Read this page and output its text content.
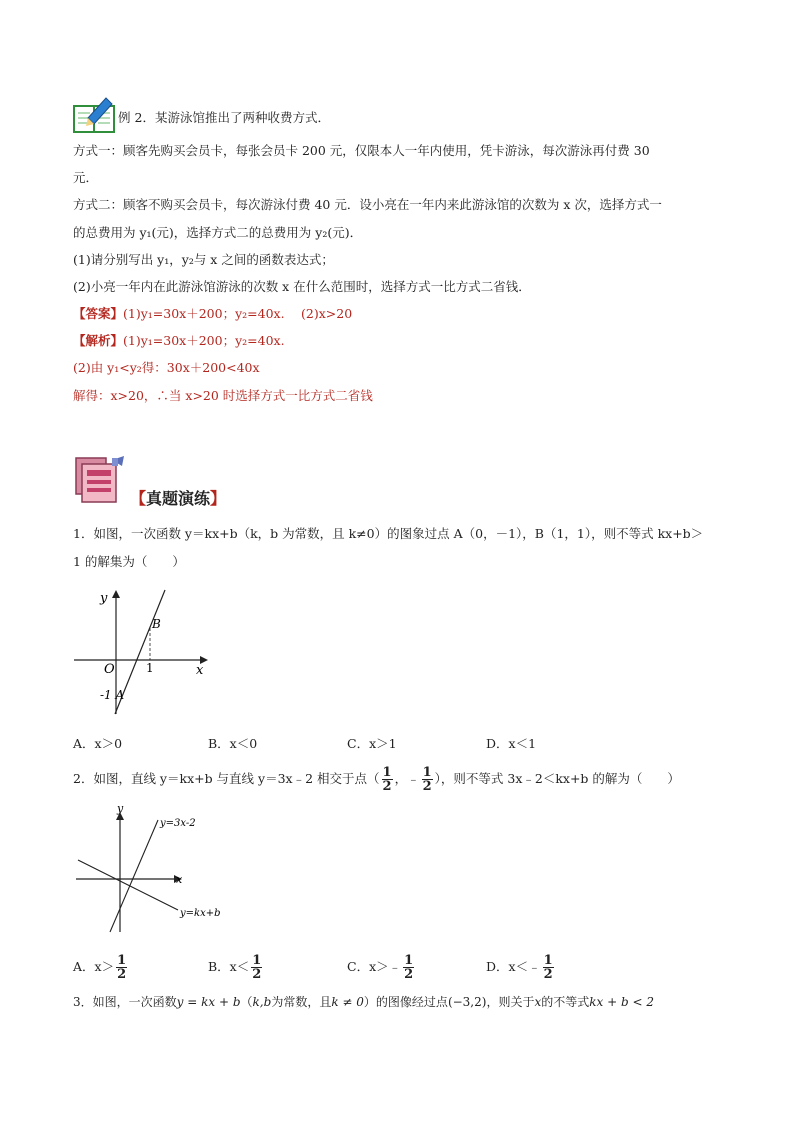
例 2．某游泳馆推出了两种收费方式．
方式一：顾客先购买会员卡，每张会员卡 200 元，仅限本人一年内使用，凭卡游泳，每次游泳再付费 30
元．
方式二：顾客不购买会员卡，每次游泳付费 40 元．设小亮在一年内来此游泳馆的次数为 x 次，选择方式一
的总费用为 y₁(元)，选择方式二的总费用为 y₂(元)．
(1)请分别写出 y₁，y₂与 x 之间的函数表达式；
(2)小亮一年内在此游泳馆游泳的次数 x 在什么范围时，选择方式一比方式二省钱．
【答案】(1)y₁=30x＋200；y₂=40x.　 (2)x>20
【解析】(1)y₁=30x＋200；y₂=40x.
(2)由 y₁<y₂得：30x＋200<40x
解得：x>20，∴当 x>20 时选择方式一比方式二省钱
【真题演练】
1．如图，一次函数 y＝kx+b（k，b 为常数，且 k≠0）的图象过点 A（0，－1），B（1，1），则不等式 kx+b＞
1 的解集为（　　）
y
x
O
B
1
-1 A
A．x＞0	B．x＜0	C．x＞1	D．x＜1
2．如图，直线 y＝kx+b 与直线 y＝3x﹣2 相交于点（ $\frac{1}{2}$ ，﹣ $\frac{1}{2}$ ），则不等式 3x﹣2＜kx+b 的解为（　　）
y
x
y=3x-2
y=kx+b
A．$x> \frac{1}{2}$	B．$x< \frac{1}{2}$	C．x＞﹣ $\frac{1}{2}$	D．x＜﹣ $\frac{1}{2}$
3．如图，一次函数y = kx + b（k,b为常数，且k ≠ 0）的图像经过点(−3,2)，则关于x的不等式kx + b < 2
